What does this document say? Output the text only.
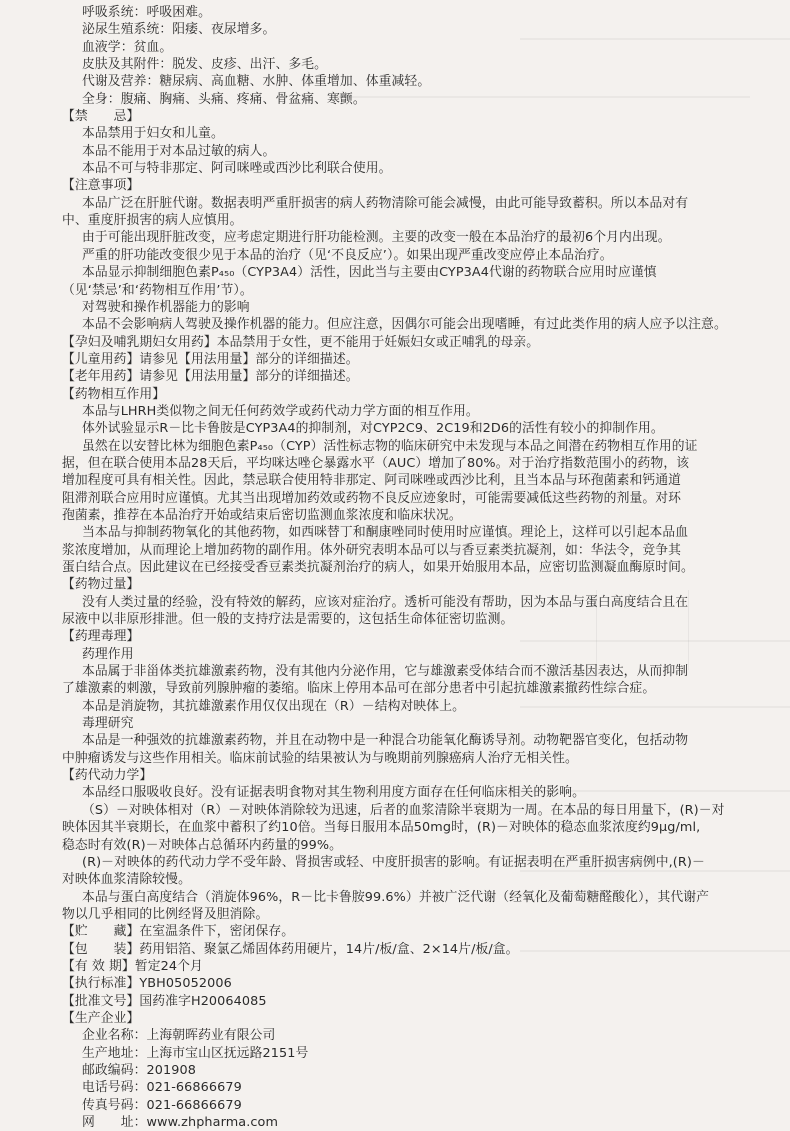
呼吸系统：呼吸困难。
泌尿生殖系统：阳痿、夜尿增多。
血液学：贫血。
皮肤及其附件：脱发、皮疹、出汗、多毛。
代谢及营养：糖尿病、高血糖、水肿、体重增加、体重减轻。
全身：腹痛、胸痛、头痛、疼痛、骨盆痛、寒颤。
【禁　　忌】
本品禁用于妇女和儿童。
本品不能用于对本品过敏的病人。
本品不可与特非那定、阿司咪唑或西沙比利联合使用。
【注意事项】
本品广泛在肝脏代谢。数据表明严重肝损害的病人药物清除可能会减慢，由此可能导致蓄积。所以本品对有
中、重度肝损害的病人应慎用。
由于可能出现肝脏改变，应考虑定期进行肝功能检测。主要的改变一般在本品治疗的最初6个月内出现。
严重的肝功能改变很少见于本品的治疗（见‘不良反应’）。如果出现严重改变应停止本品治疗。
本品显示抑制细胞色素P₄₅₀（CYP3A4）活性，因此当与主要由CYP3A4代谢的药物联合应用时应谨慎
（见‘禁忌’和‘药物相互作用’节）。
对驾驶和操作机器能力的影响
本品不会影响病人驾驶及操作机器的能力。但应注意，因偶尔可能会出现嗜睡，有过此类作用的病人应予以注意。
【孕妇及哺乳期妇女用药】本品禁用于女性，更不能用于妊娠妇女或正哺乳的母亲。
【儿童用药】请参见【用法用量】部分的详细描述。
【老年用药】请参见【用法用量】部分的详细描述。
【药物相互作用】
本品与LHRH类似物之间无任何药效学或药代动力学方面的相互作用。
体外试验显示R－比卡鲁胺是CYP3A4的抑制剂，对CYP2C9、2C19和2D6的活性有较小的抑制作用。
虽然在以安替比林为细胞色素P₄₅₀（CYP）活性标志物的临床研究中未发现与本品之间潜在药物相互作用的证
据，但在联合使用本品28天后，平均咪达唑仑暴露水平（AUC）增加了80%。对于治疗指数范围小的药物，该
增加程度可具有相关性。因此，禁忌联合使用特非那定、阿司咪唑或西沙比利，且当本品与环孢菌素和钙通道
阻滞剂联合应用时应谨慎。尤其当出现增加药效或药物不良反应迹象时，可能需要减低这些药物的剂量。对环
孢菌素，推荐在本品治疗开始或结束后密切监测血浆浓度和临床状况。
当本品与抑制药物氧化的其他药物，如西咪替丁和酮康唑同时使用时应谨慎。理论上，这样可以引起本品血
浆浓度增加，从而理论上增加药物的副作用。体外研究表明本品可以与香豆素类抗凝剂，如：华法令，竞争其
蛋白结合点。因此建议在已经接受香豆素类抗凝剂治疗的病人，如果开始服用本品，应密切监测凝血酶原时间。
【药物过量】
没有人类过量的经验，没有特效的解药，应该对症治疗。透析可能没有帮助，因为本品与蛋白高度结合且在
尿液中以非原形排泄。但一般的支持疗法是需要的，这包括生命体征密切监测。
【药理毒理】
药理作用
本品属于非甾体类抗雄激素药物，没有其他内分泌作用，它与雄激素受体结合而不激活基因表达，从而抑制
了雄激素的刺激，导致前列腺肿瘤的萎缩。临床上停用本品可在部分患者中引起抗雄激素撤药性综合症。
本品是消旋物，其抗雄激素作用仅仅出现在（R）－结构对映体上。
毒理研究
本品是一种强效的抗雄激素药物，并且在动物中是一种混合功能氧化酶诱导剂。动物靶器官变化，包括动物
中肿瘤诱发与这些作用相关。临床前试验的结果被认为与晚期前列腺癌病人治疗无相关性。
【药代动力学】
本品经口服吸收良好。没有证据表明食物对其生物利用度方面存在任何临床相关的影响。
（S）－对映体相对（R）－对映体消除较为迅速，后者的血浆清除半衰期为一周。在本品的每日用量下，(R)－对
映体因其半衰期长，在血浆中蓄积了约10倍。当每日服用本品50mg时，(R)－对映体的稳态血浆浓度约9μg/ml,
稳态时有效(R)－对映体占总循环内药量的99%。
(R)－对映体的药代动力学不受年龄、肾损害或轻、中度肝损害的影响。有证据表明在严重肝损害病例中,(R)－
对映体血浆清除较慢。
本品与蛋白高度结合（消旋体96%，R－比卡鲁胺99.6%）并被广泛代谢（经氧化及葡萄糖醛酸化），其代谢产
物以几乎相同的比例经肾及胆消除。
【贮　　藏】在室温条件下，密闭保存。
【包　　装】药用铝箔、聚氯乙烯固体药用硬片，14片/板/盒、2×14片/板/盒。
【有 效 期】暂定24个月
【执行标准】YBH05052006
【批准文号】国药准字H20064085
【生产企业】
企业名称：上海朝晖药业有限公司
生产地址：上海市宝山区抚远路2151号
邮政编码：201908
电话号码：021-66866679
传真号码：021-66866679
网　　址：www.zhpharma.com
